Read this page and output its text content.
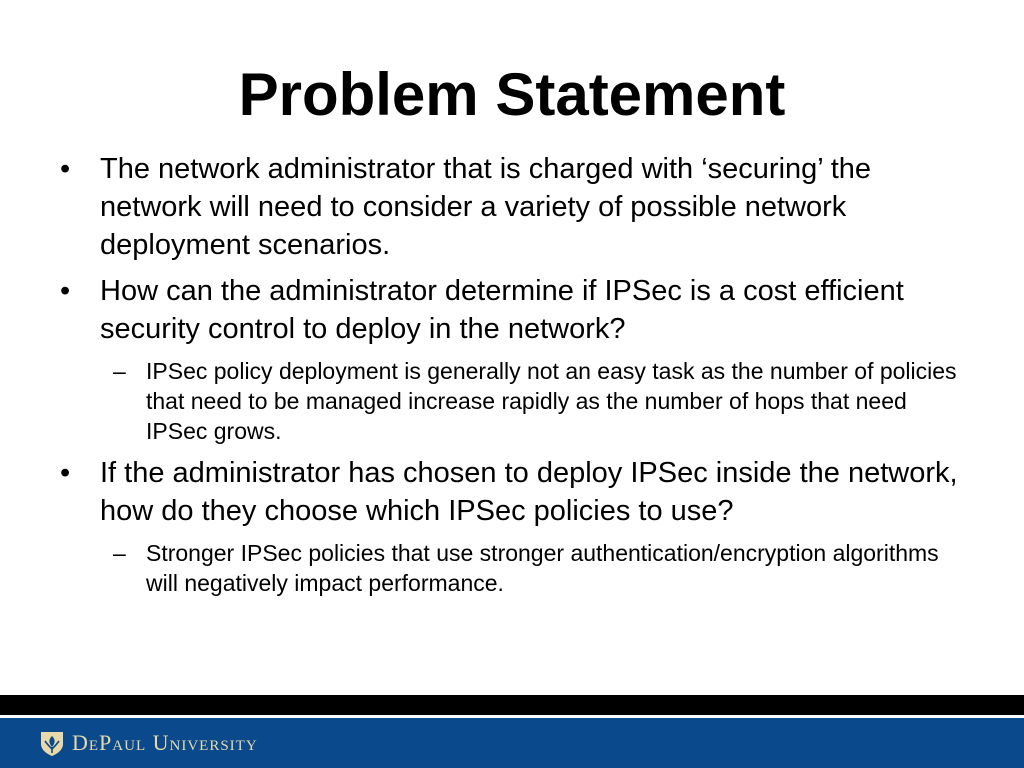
Problem Statement
•	The network administrator that is charged with ‘securing’ the network will need to consider a variety of possible network deployment scenarios.
•	How can the administrator determine if IPSec is a cost efficient security control to deploy in the network?
– IPSec policy deployment is generally not an easy task as the number of policies that need to be managed increase rapidly as the number of hops that need IPSec grows.
•	If the administrator has chosen to deploy IPSec inside the network, how do they choose which IPSec policies to use?
– Stronger IPSec policies that use stronger authentication/encryption algorithms will negatively impact performance.
DePaul University
